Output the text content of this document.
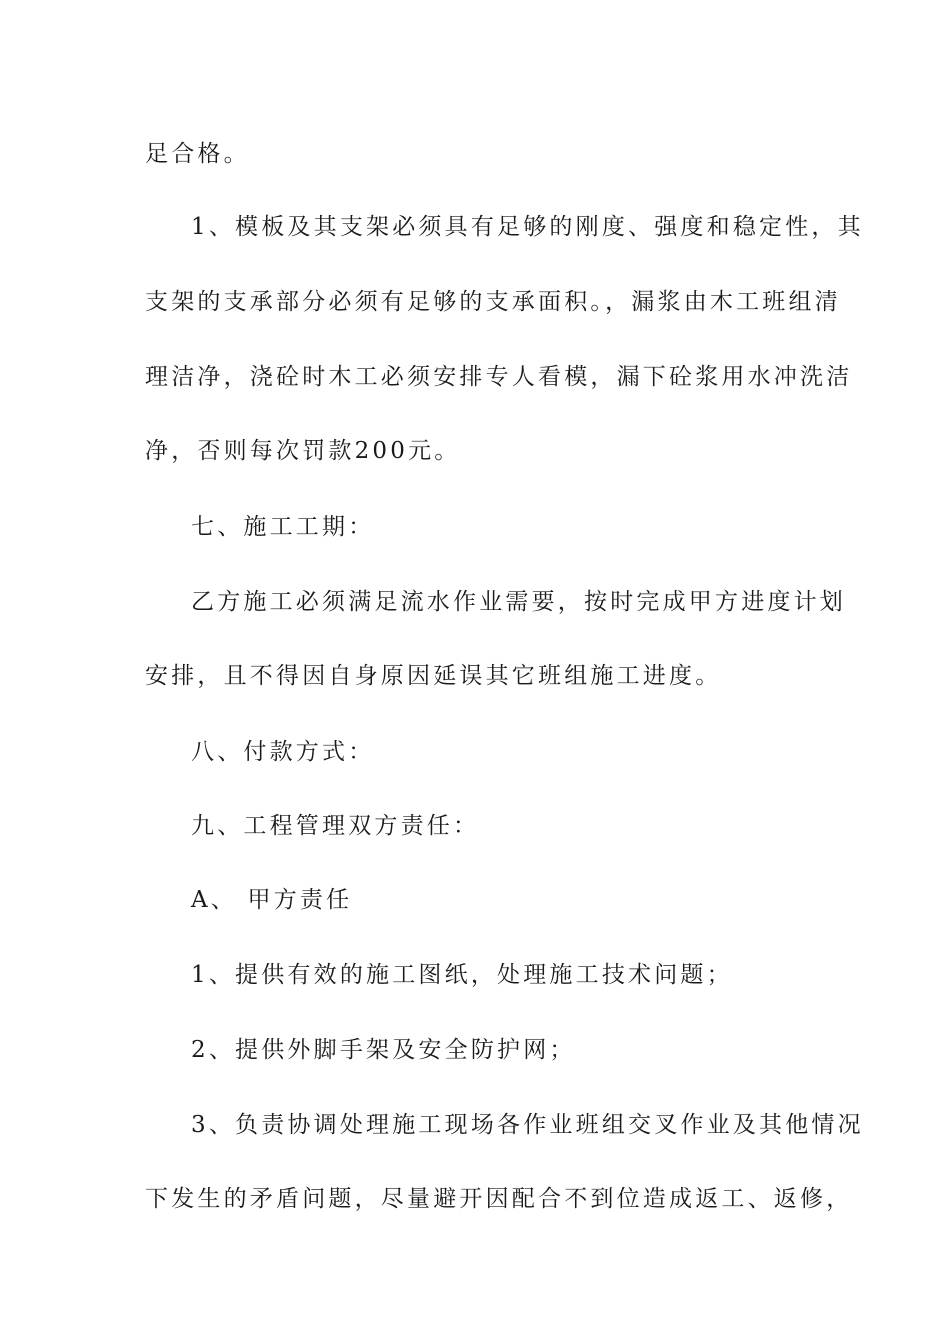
足合格。
1、模板及其支架必须具有足够的刚度、强度和稳定性，其
支架的支承部分必须有足够的支承面积。，漏浆由木工班组清
理洁净，浇砼时木工必须安排专人看模，漏下砼浆用水冲洗洁
净，否则每次罚款200元。
七、施工工期：
乙方施工必须满足流水作业需要，按时完成甲方进度计划
安排，且不得因自身原因延误其它班组施工进度。
八、付款方式：
九、工程管理双方责任：
A、 甲方责任
1、提供有效的施工图纸，处理施工技术问题；
2、提供外脚手架及安全防护网；
3、负责协调处理施工现场各作业班组交叉作业及其他情况
下发生的矛盾问题，尽量避开因配合不到位造成返工、返修，
